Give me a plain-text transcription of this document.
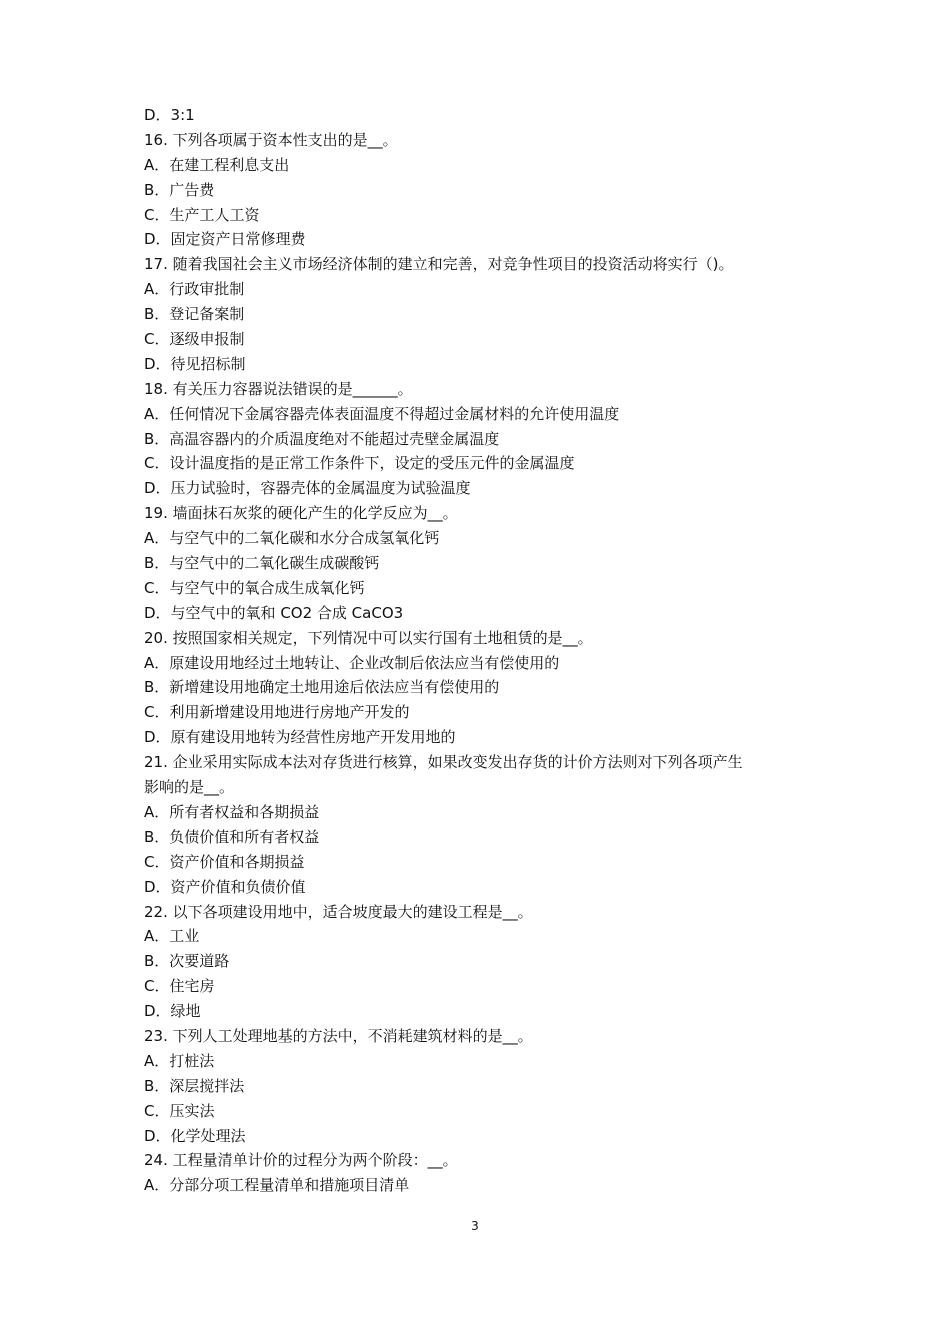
D．3:1
16. 下列各项属于资本性支出的是__。
A．在建工程利息支出
B．广告费
C．生产工人工资
D．固定资产日常修理费
17. 随着我国社会主义市场经济体制的建立和完善，对竞争性项目的投资活动将实行（)。
A．行政审批制
B．登记备案制
C．逐级申报制
D．待见招标制
18. 有关压力容器说法错误的是______。
A．任何情况下金属容器壳体表面温度不得超过金属材料的允许使用温度
B．高温容器内的介质温度绝对不能超过壳壁金属温度
C．设计温度指的是正常工作条件下，设定的受压元件的金属温度
D．压力试验时，容器壳体的金属温度为试验温度
19. 墙面抹石灰浆的硬化产生的化学反应为__。
A．与空气中的二氧化碳和水分合成氢氧化钙
B．与空气中的二氧化碳生成碳酸钙
C．与空气中的氧合成生成氧化钙
D．与空气中的氧和 CO2 合成 CaCO3
20. 按照国家相关规定，下列情况中可以实行国有土地租赁的是__。
A．原建设用地经过土地转让、企业改制后依法应当有偿使用的
B．新增建设用地确定土地用途后依法应当有偿使用的
C．利用新增建设用地进行房地产开发的
D．原有建设用地转为经营性房地产开发用地的
21. 企业采用实际成本法对存货进行核算，如果改变发出存货的计价方法则对下列各项产生
影响的是__。
A．所有者权益和各期损益
B．负债价值和所有者权益
C．资产价值和各期损益
D．资产价值和负债价值
22. 以下各项建设用地中，适合坡度最大的建设工程是__。
A．工业
B．次要道路
C．住宅房
D．绿地
23. 下列人工处理地基的方法中，不消耗建筑材料的是__。
A．打桩法
B．深层搅拌法
C．压实法
D．化学处理法
24. 工程量清单计价的过程分为两个阶段：__。
A．分部分项工程量清单和措施项目清单
3
